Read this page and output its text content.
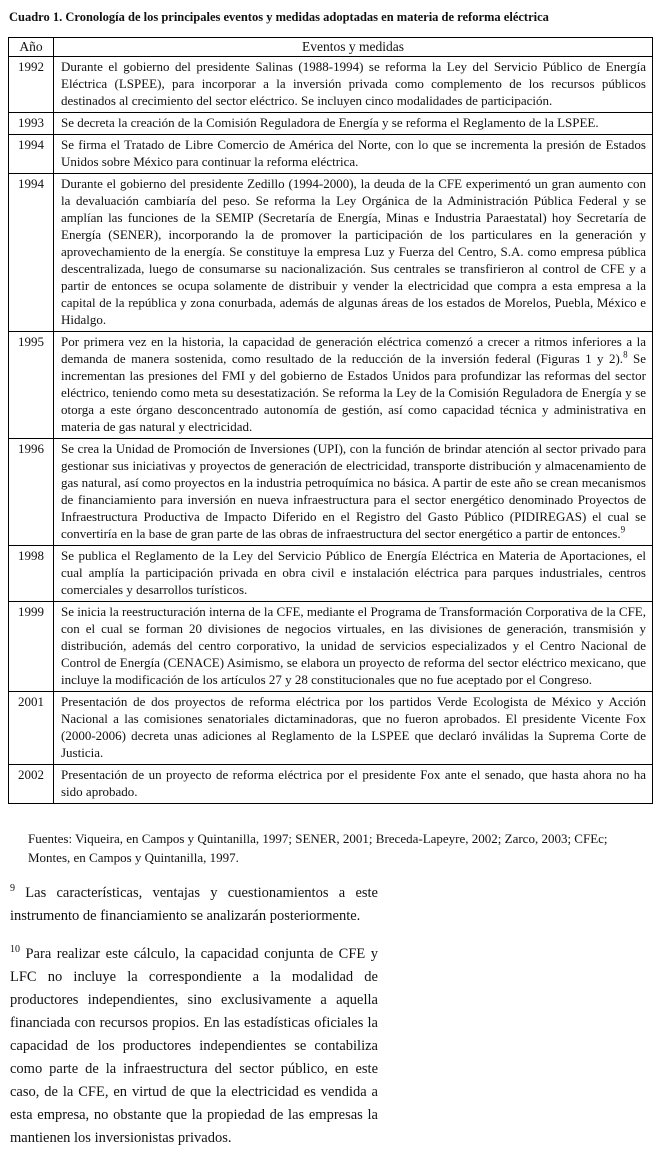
Cuadro 1. Cronología de los principales eventos y medidas adoptadas en materia de reforma eléctrica
Año	Eventos y medidas
1992	Durante el gobierno del presidente Salinas (1988-1994) se reforma la Ley del Servicio Público de Energía Eléctrica (LSPEE), para incorporar a la inversión privada como complemento de los recursos públicos destinados al crecimiento del sector eléctrico. Se incluyen cinco modalidades de participación.
1993	Se decreta la creación de la Comisión Reguladora de Energía y se reforma el Reglamento de la LSPEE.
1994	Se firma el Tratado de Libre Comercio de América del Norte, con lo que se incrementa la presión de Estados Unidos sobre México para continuar la reforma eléctrica.
1994	Durante el gobierno del presidente Zedillo (1994-2000), la deuda de la CFE experimentó un gran aumento con la devaluación cambiaría del peso. Se reforma la Ley Orgánica de la Administración Pública Federal y se amplían las funciones de la SEMIP (Secretaría de Energía, Minas e Industria Paraestatal) hoy Secretaría de Energía (SENER), incorporando la de promover la participación de los particulares en la generación y aprovechamiento de la energía. Se constituye la empresa Luz y Fuerza del Centro, S.A. como empresa pública descentralizada, luego de consumarse su nacionalización. Sus centrales se transfirieron al control de CFE y a partir de entonces se ocupa solamente de distribuir y vender la electricidad que compra a esta empresa a la capital de la república y zona conurbada, además de algunas áreas de los estados de Morelos, Puebla, México e Hidalgo.
1995	Por primera vez en la historia, la capacidad de generación eléctrica comenzó a crecer a ritmos inferiores a la demanda de manera sostenida, como resultado de la reducción de la inversión federal (Figuras 1 y 2).$^8$ Se incrementan las presiones del FMI y del gobierno de Estados Unidos para profundizar las reformas del sector eléctrico, teniendo como meta su desestatización. Se reforma la Ley de la Comisión Reguladora de Energía y se otorga a este órgano desconcentrado autonomía de gestión, así como capacidad técnica y administrativa en materia de gas natural y electricidad.
1996	Se crea la Unidad de Promoción de Inversiones (UPI), con la función de brindar atención al sector privado para gestionar sus iniciativas y proyectos de generación de electricidad, transporte distribución y almacenamiento de gas natural, así como proyectos en la industria petroquímica no básica. A partir de este año se crean mecanismos de financiamiento para inversión en nueva infraestructura para el sector energético denominado Proyectos de Infraestructura Productiva de Impacto Diferido en el Registro del Gasto Público (PIDIREGAS) el cual se convertiría en la base de gran parte de las obras de infraestructura del sector energético a partir de entonces.$^9$
1998	Se publica el Reglamento de la Ley del Servicio Público de Energía Eléctrica en Materia de Aportaciones, el cual amplía la participación privada en obra civil e instalación eléctrica para parques industriales, centros comerciales y desarrollos turísticos.
1999	Se inicia la reestructuración interna de la CFE, mediante el Programa de Transformación Corporativa de la CFE, con el cual se forman 20 divisiones de negocios virtuales, en las divisiones de generación, transmisión y distribución, además del centro corporativo, la unidad de servicios especializados y el Centro Nacional de Control de Energía (CENACE) Asimismo, se elabora un proyecto de reforma del sector eléctrico mexicano, que incluye la modificación de los artículos 27 y 28 constitucionales que no fue aceptado por el Congreso.
2001	Presentación de dos proyectos de reforma eléctrica por los partidos Verde Ecologista de México y Acción Nacional a las comisiones senatoriales dictaminadoras, que no fueron aprobados. El presidente Vicente Fox (2000-2006) decreta unas adiciones al Reglamento de la LSPEE que declaró inválidas la Suprema Corte de Justicia.
2002	Presentación de un proyecto de reforma eléctrica por el presidente Fox ante el senado, que hasta ahora no ha sido aprobado.

Fuentes: Viqueira, en Campos y Quintanilla, 1997; SENER, 2001; Breceda-Lapeyre, 2002; Zarco, 2003; CFEc; Montes, en Campos y Quintanilla, 1997.

$^9$ Las características, ventajas y cuestionamientos a este instrumento de financiamiento se analizarán posteriormente.

$^{10}$ Para realizar este cálculo, la capacidad conjunta de CFE y LFC no incluye la correspondiente a la modalidad de productores independientes, sino exclusivamente a aquella financiada con recursos propios. En las estadísticas oficiales la capacidad de los productores independientes se contabiliza como parte de la infraestructura del sector público, en este caso, de la CFE, en virtud de que la electricidad es vendida a esta empresa, no obstante que la propiedad de las empresas la mantienen los inversionistas privados.
